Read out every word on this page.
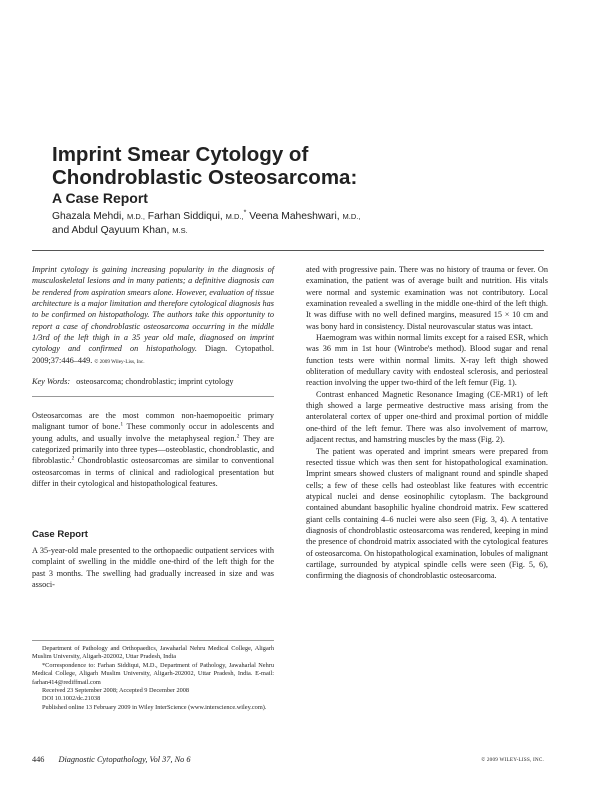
Imprint Smear Cytology of
Chondroblastic Osteosarcoma:
A Case Report

Ghazala Mehdi, M.D., Farhan Siddiqui, M.D.,* Veena Maheshwari, M.D.,
and Abdul Qayuum Khan, M.S.

Imprint cytology is gaining increasing popularity in the diagnosis of musculoskeletal lesions and in many patients; a definitive diagnosis can be rendered from aspiration smears alone. However, evaluation of tissue architecture is a major limitation and therefore cytological diagnosis has to be confirmed on histopathology. The authors take this opportunity to report a case of chondroblastic osteosarcoma occurring in the middle 1/3rd of the left thigh in a 35 year old male, diagnosed on imprint cytology and confirmed on histopathology. Diagn. Cytopathol. 2009;37:446–449. © 2009 Wiley-Liss, Inc.

Key Words: osteosarcoma; chondroblastic; imprint cytology

Osteosarcomas are the most common non-haemopoeitic primary malignant tumor of bone.$^1$ These commonly occur in adolescents and young adults, and usually involve the metaphyseal region.$^2$ They are categorized primarily into three types—osteoblastic, chondroblastic, and fibroblastic.$^2$ Chondroblastic osteosarcomas are similar to conventional osteosarcomas in terms of clinical and radiological presentation but differ in their cytological and histopathological features.

Case Report

A 35-year-old male presented to the orthopaedic outpatient services with complaint of swelling in the middle one-third of the left thigh for the past 3 months. The swelling had gradually increased in size and was associ-

Department of Pathology and Orthopaedics, Jawaharlal Nehru Medical College, Aligarh Muslim University, Aligarh-202002, Uttar Pradesh, India

*Correspondence to: Farhan Siddiqui, M.D., Department of Pathology, Jawaharlal Nehru Medical College, Aligarh Muslim University, Aligarh-202002, Uttar Pradesh, India. E-mail: farhan414@rediffmail.com

Received 23 September 2008; Accepted 9 December 2008

DOI 10.1002/dc.21038

Published online 13 February 2009 in Wiley InterScience (www.interscience.wiley.com).

ated with progressive pain. There was no history of trauma or fever. On examination, the patient was of average built and nutrition. His vitals were normal and systemic examination was not contributory. Local examination revealed a swelling in the middle one-third of the left thigh. It was diffuse with no well defined margins, measured 15 × 10 cm and was bony hard in consistency. Distal neurovascular status was intact.

Haemogram was within normal limits except for a raised ESR, which was 36 mm in 1st hour (Wintrobe's method). Blood sugar and renal function tests were within normal limits. X-ray left thigh showed obliteration of medullary cavity with endosteal sclerosis, and periosteal reaction involving the upper two-third of the left femur (Fig. 1).

Contrast enhanced Magnetic Resonance Imaging (CE-MR1) of left thigh showed a large permeative destructive mass arising from the anterolateral cortex of upper one-third and proximal portion of middle one-third of the left femur. There was also involvement of marrow, adjacent rectus, and hamstring muscles by the mass (Fig. 2).

The patient was operated and imprint smears were prepared from resected tissue which was then sent for histopathological examination. Imprint smears showed clusters of malignant round and spindle shaped cells; a few of these cells had osteoblast like features with eccentric atypical nuclei and dense eosinophilic cytoplasm. The background contained abundant basophilic hyaline chondroid matrix. Few scattered giant cells containing 4–6 nuclei were also seen (Fig. 3, 4). A tentative diagnosis of chondroblastic osteosarcoma was rendered, keeping in mind the presence of chondroid matrix associated with the cytological features of osteosarcoma. On histopathological examination, lobules of malignant cartilage, surrounded by atypical spindle cells were seen (Fig. 5, 6), confirming the diagnosis of chondroblastic osteosarcoma.

446 Diagnostic Cytopathology, Vol 37, No 6	© 2009 WILEY-LISS, INC.
